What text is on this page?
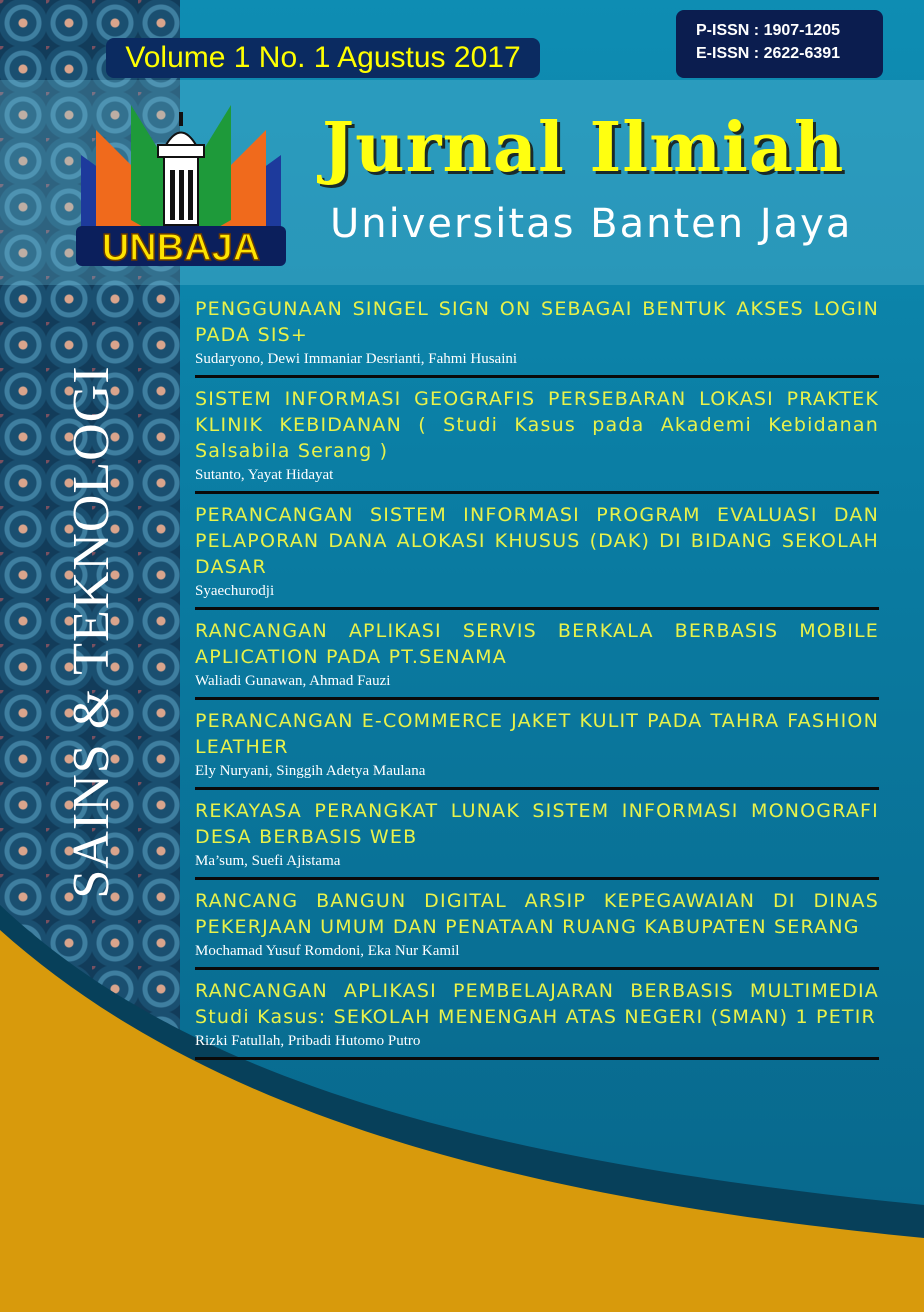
Volume 1 No. 1 Agustus 2017
P-ISSN : 1907-1205
E-ISSN : 2622-6391
UNBAJA
Jurnal Ilmiah
Universitas Banten Jaya
SAINS & TEKNOLOGI
PENGGUNAAN SINGEL SIGN ON SEBAGAI BENTUK AKSES LOGIN PADA SIS+
Sudaryono, Dewi Immaniar Desrianti, Fahmi Husaini
SISTEM INFORMASI GEOGRAFIS PERSEBARAN LOKASI PRAKTEK KLINIK KEBIDANAN ( Studi Kasus pada Akademi Kebidanan Salsabila Serang )
Sutanto, Yayat Hidayat
PERANCANGAN SISTEM INFORMASI PROGRAM EVALUASI DAN PELAPORAN DANA ALOKASI KHUSUS (DAK) DI BIDANG SEKOLAH DASAR
Syaechurodji
RANCANGAN APLIKASI SERVIS BERKALA BERBASIS MOBILE APLICATION PADA PT.SENAMA
Waliadi Gunawan, Ahmad Fauzi
PERANCANGAN E-COMMERCE JAKET KULIT PADA TAHRA FASHION LEATHER
Ely Nuryani, Singgih Adetya Maulana
REKAYASA PERANGKAT LUNAK SISTEM INFORMASI MONOGRAFI DESA BERBASIS WEB
Ma’sum, Suefi Ajistama
RANCANG BANGUN DIGITAL ARSIP KEPEGAWAIAN DI DINAS PEKERJAAN UMUM DAN PENATAAN RUANG KABUPATEN SERANG
Mochamad Yusuf Romdoni, Eka Nur Kamil
RANCANGAN APLIKASI PEMBELAJARAN BERBASIS MULTIMEDIA Studi Kasus: SEKOLAH MENENGAH ATAS NEGERI (SMAN) 1 PETIR
Rizki Fatullah, Pribadi Hutomo Putro
